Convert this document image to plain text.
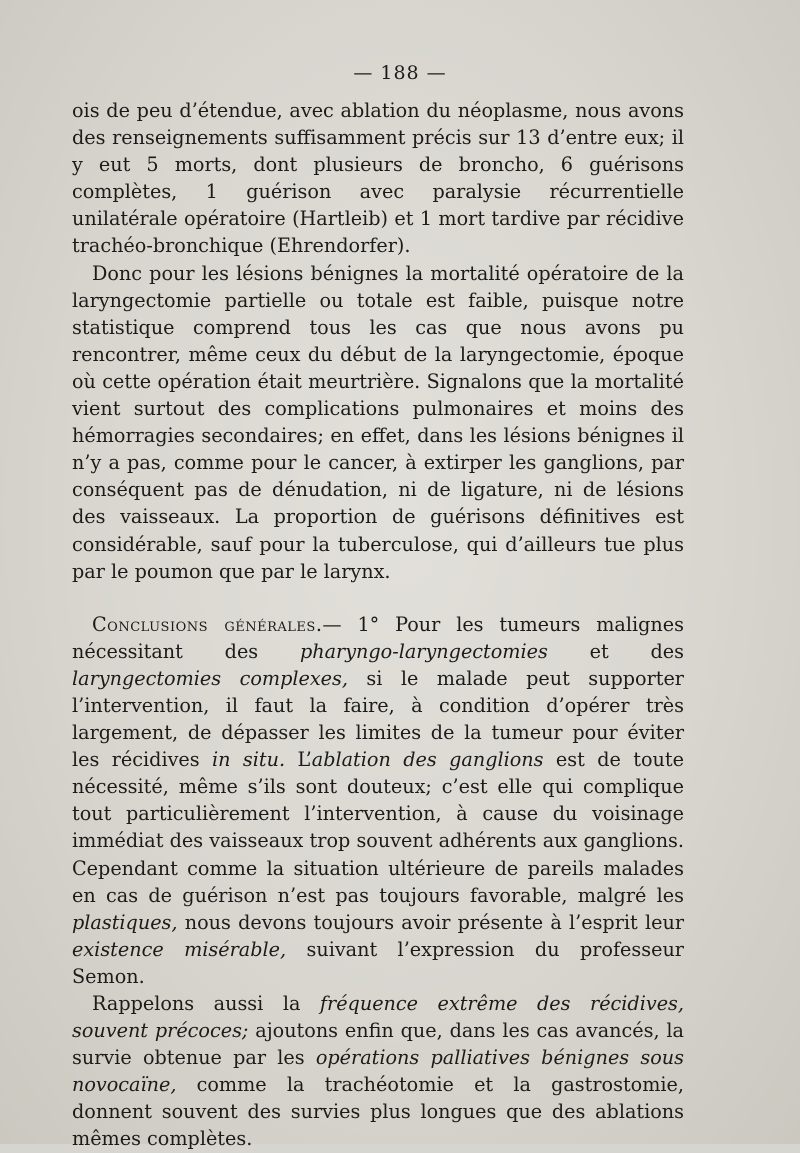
— 188 —

ois de peu d’étendue, avec ablation du néoplasme, nous avons des renseignements suffisamment précis sur 13 d’entre eux; il y eut 5 morts, dont plusieurs de broncho, 6 guérisons complètes, 1 guérison avec paralysie récurrentielle unilatérale opératoire (Hartleib) et 1 mort tardive par récidive trachéo-bronchique (Ehrendorfer).

Donc pour les lésions bénignes la mortalité opératoire de la laryngectomie partielle ou totale est faible, puisque notre statistique comprend tous les cas que nous avons pu rencontrer, même ceux du début de la laryngectomie, époque où cette opération était meurtrière. Signalons que la mortalité vient surtout des complications pulmonaires et moins des hémorragies secondaires; en effet, dans les lésions bénignes il n’y a pas, comme pour le cancer, à extirper les ganglions, par conséquent pas de dénudation, ni de ligature, ni de lésions des vaisseaux. La proportion de guérisons définitives est considérable, sauf pour la tuberculose, qui d’ailleurs tue plus par le poumon que par le larynx.

Conclusions générales.— 1° Pour les tumeurs malignes nécessitant des pharyngo-laryngectomies et des laryngectomies complexes, si le malade peut supporter l’intervention, il faut la faire, à condition d’opérer très largement, de dépasser les limites de la tumeur pour éviter les récidives in situ. L’ablation des ganglions est de toute nécessité, même s’ils sont douteux; c’est elle qui complique tout particulièrement l’intervention, à cause du voisinage immédiat des vaisseaux trop souvent adhérents aux ganglions. Cependant comme la situation ultérieure de pareils malades en cas de guérison n’est pas toujours favorable, malgré les plastiques, nous devons toujours avoir présente à l’esprit leur existence misérable, suivant l’expression du professeur Semon.

Rappelons aussi la fréquence extrême des récidives, souvent précoces; ajoutons enfin que, dans les cas avancés, la survie obtenue par les opérations palliatives bénignes sous novocaïne, comme la trachéotomie et la gastrostomie, donnent souvent des survies plus longues que des ablations mêmes complètes.
